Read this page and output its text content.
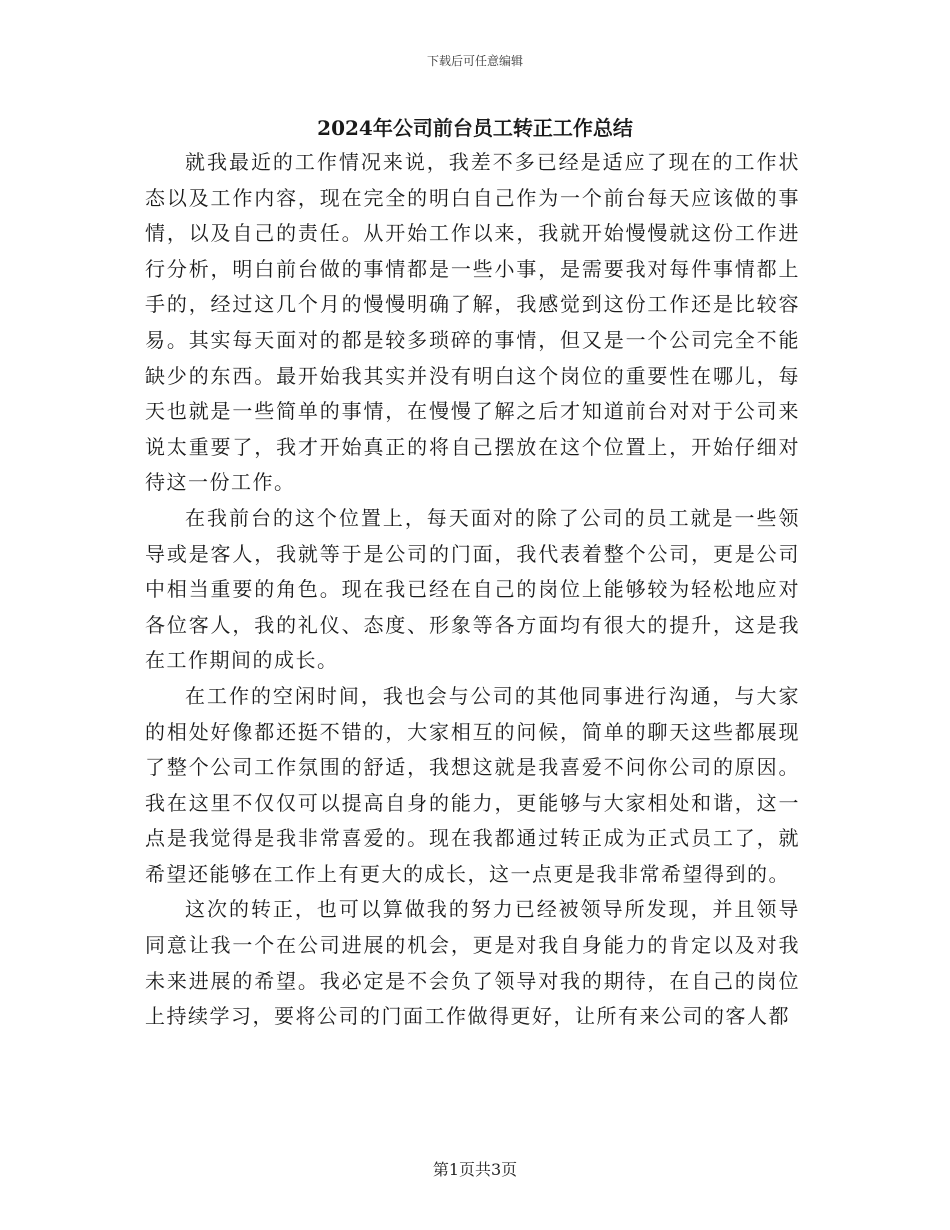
下载后可任意编辑
2024年公司前台员工转正工作总结

就我最近的工作情况来说，我差不多已经是适应了现在的工作状态以及工作内容，现在完全的明白自己作为一个前台每天应该做的事情，以及自己的责任。从开始工作以来，我就开始慢慢就这份工作进行分析，明白前台做的事情都是一些小事，是需要我对每件事情都上手的，经过这几个月的慢慢明确了解，我感觉到这份工作还是比较容易。其实每天面对的都是较多琐碎的事情，但又是一个公司完全不能缺少的东西。最开始我其实并没有明白这个岗位的重要性在哪儿，每天也就是一些简单的事情，在慢慢了解之后才知道前台对对于公司来说太重要了，我才开始真正的将自己摆放在这个位置上，开始仔细对待这一份工作。

在我前台的这个位置上，每天面对的除了公司的员工就是一些领导或是客人，我就等于是公司的门面，我代表着整个公司，更是公司中相当重要的角色。现在我已经在自己的岗位上能够较为轻松地应对各位客人，我的礼仪、态度、形象等各方面均有很大的提升，这是我在工作期间的成长。

在工作的空闲时间，我也会与公司的其他同事进行沟通，与大家的相处好像都还挺不错的，大家相互的问候，简单的聊天这些都展现了整个公司工作氛围的舒适，我想这就是我喜爱不问你公司的原因。我在这里不仅仅可以提高自身的能力，更能够与大家相处和谐，这一点是我觉得是我非常喜爱的。现在我都通过转正成为正式员工了，就希望还能够在工作上有更大的成长，这一点更是我非常希望得到的。

这次的转正，也可以算做我的努力已经被领导所发现，并且领导同意让我一个在公司进展的机会，更是对我自身能力的肯定以及对我未来进展的希望。我必定是不会负了领导对我的期待，在自己的岗位上持续学习，要将公司的门面工作做得更好，让所有来公司的客人都

第1页共3页
